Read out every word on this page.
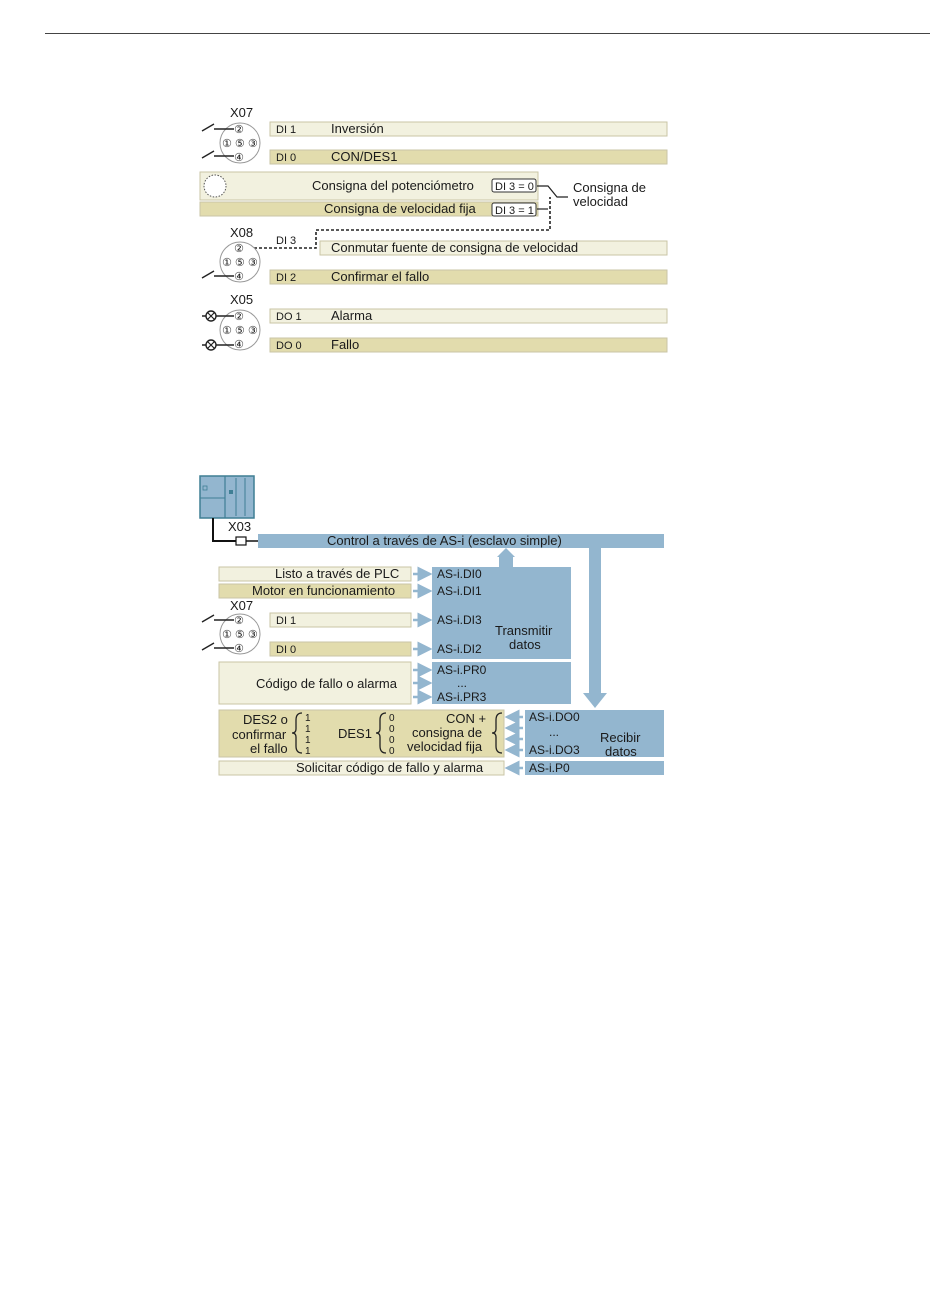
X07
②
① ⑤ ③
④
DI 1	Inversión
DI 0	CON/DES1
Consigna del potenciómetro DI 3 = 0
Consigna de velocidad fija DI 3 = 1
Consigna de
velocidad
X08
②
① ⑤ ③
④
DI 3	Conmutar fuente de consigna de velocidad
DI 2	Confirmar el fallo
X05
②
① ⑤ ③
④
DO 1 Alarma
DO 0 Fallo
X03
Control a través de AS-i (esclavo simple)
Transmitir
datos
Listo a través de PLC	AS-i.DI0
Motor en funcionamiento	AS-i.DI1
X07
②
① ⑤ ③
④
DI 1	AS-i.DI3
DI 0	AS-i.DI2
Código de fallo o alarma
AS-i.PR0
...
AS-i.PR3
DES2 o
confirmar
el fallo
1
1
1
1
DES1
0
0
0
0
CON +
consigna de
velocidad fija
AS-i.DO0
...
AS-i.DO3
Recibir
datos
Solicitar código de fallo y alarma	AS-i.P0
